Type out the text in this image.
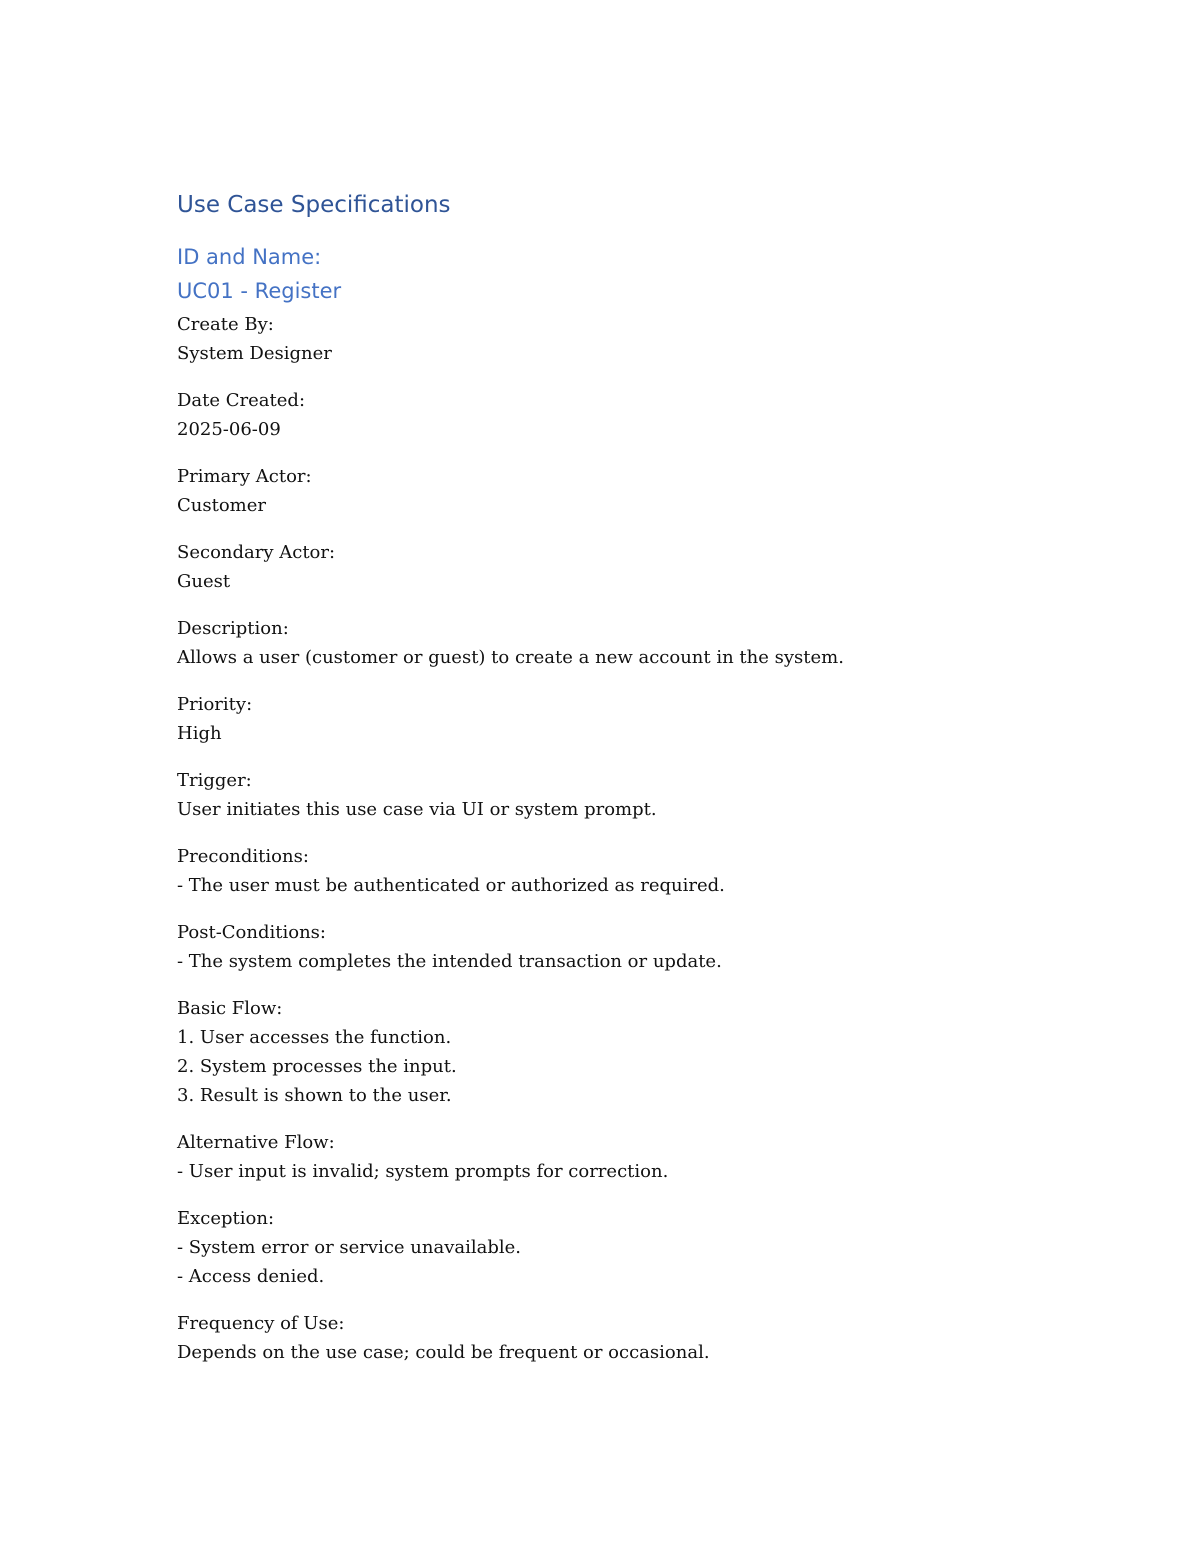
Use Case Specifications
ID and Name:
UC01 - Register
Create By:
System Designer
Date Created:
2025-06-09
Primary Actor:
Customer
Secondary Actor:
Guest
Description:
Allows a user (customer or guest) to create a new account in the system.
Priority:
High
Trigger:
User initiates this use case via UI or system prompt.
Preconditions:
- The user must be authenticated or authorized as required.
Post-Conditions:
- The system completes the intended transaction or update.
Basic Flow:
1. User accesses the function.
2. System processes the input.
3. Result is shown to the user.
Alternative Flow:
- User input is invalid; system prompts for correction.
Exception:
- System error or service unavailable.
- Access denied.
Frequency of Use:
Depends on the use case; could be frequent or occasional.
